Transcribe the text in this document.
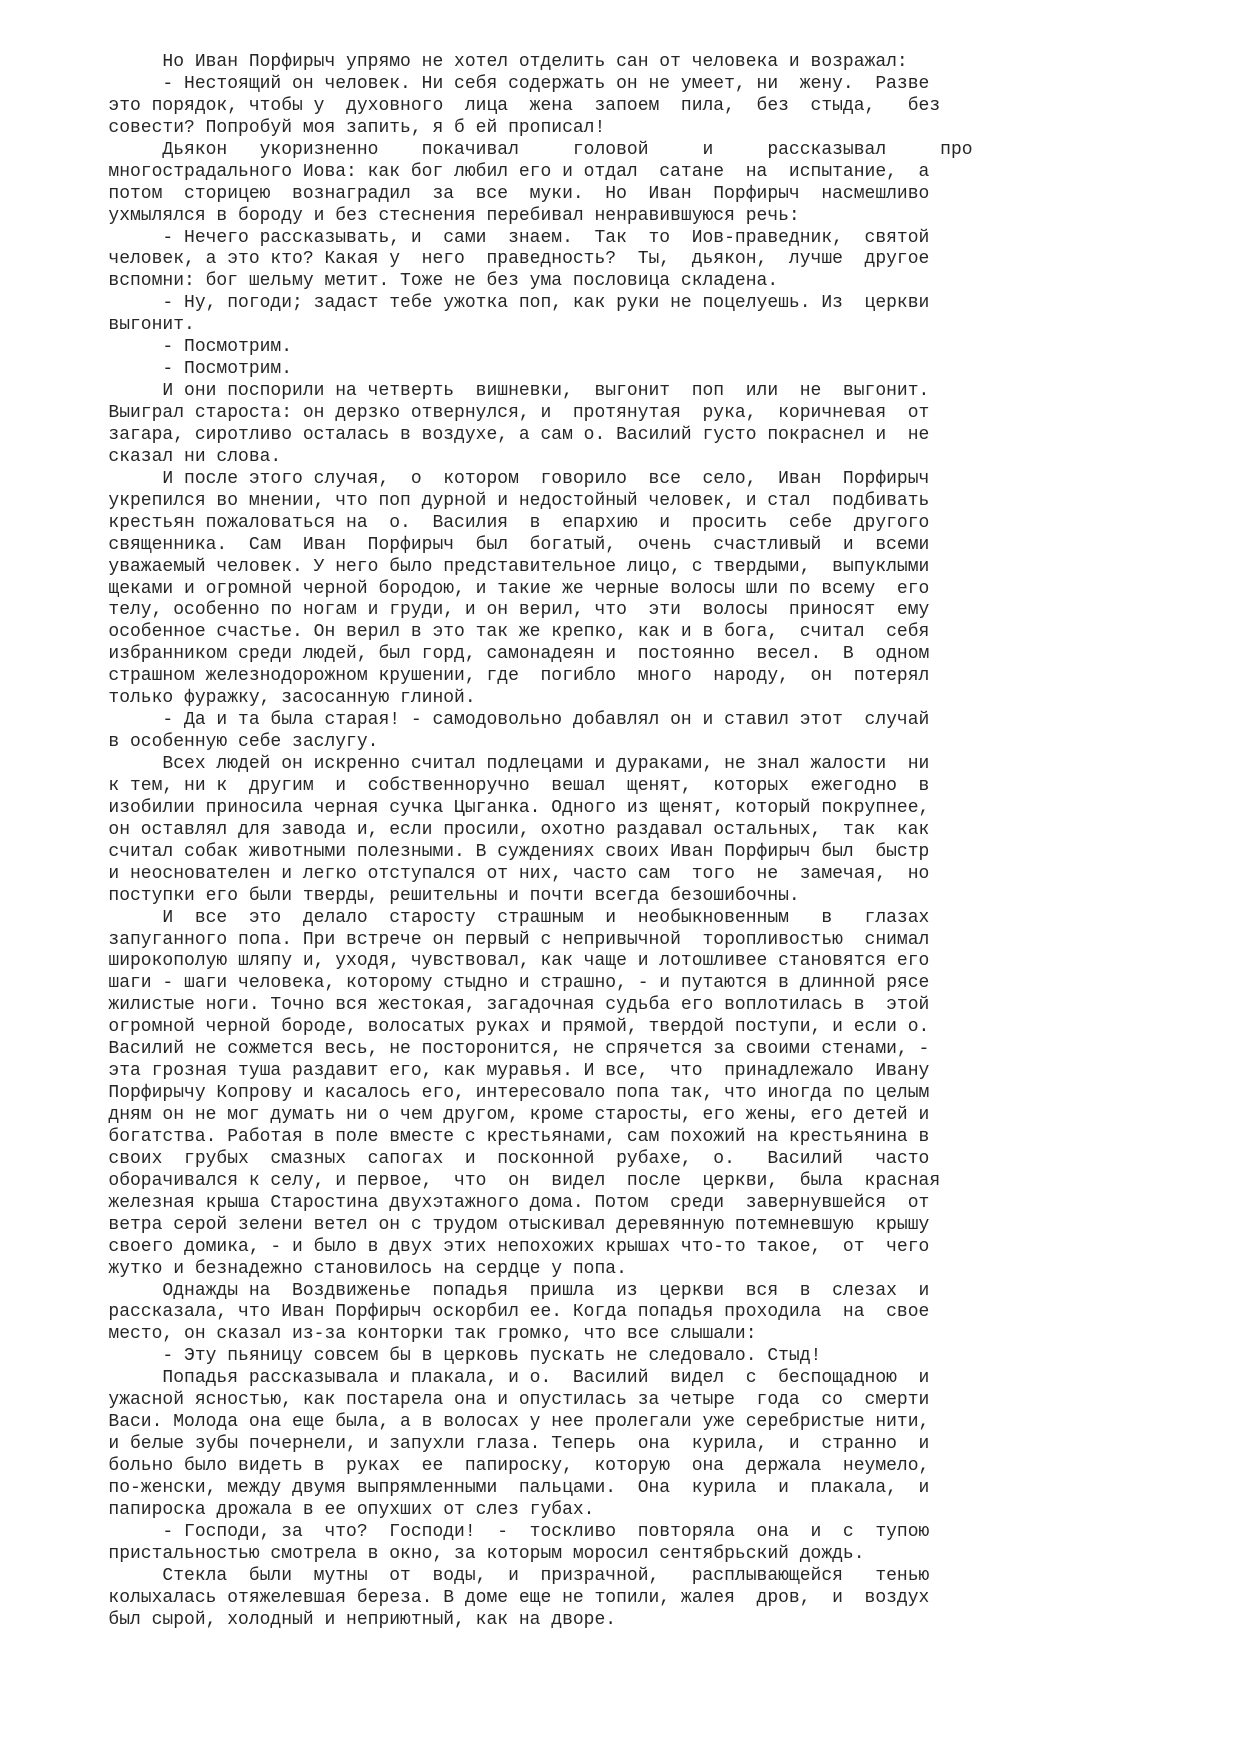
Но Иван Порфирыч упрямо не хотел отделить сан от человека и возражал:
- Нестоящий он человек. Ни себя содержать он не умеет, ни  жену.  Разве
это порядок, чтобы у  духовного  лица  жена  запоем  пила,  без  стыда,   без
совести? Попробуй моя запить, я б ей прописал!
Дьякон   укоризненно    покачивал     головой     и     рассказывал     про
многострадального Иова: как бог любил его и отдал  сатане  на  испытание,  а
потом  сторицею  вознаградил  за  все  муки.  Но  Иван  Порфирыч  насмешливо
ухмылялся в бороду и без стеснения перебивал ненравившуюся речь:
- Нечего рассказывать, и  сами  знаем.  Так  то  Иов-праведник,  святой
человек, а это кто? Какая у  него  праведность?  Ты,  дьякон,  лучше  другое
вспомни: бог шельму метит. Тоже не без ума пословица складена.
- Ну, погоди; задаст тебе ужотка поп, как руки не поцелуешь. Из  церкви
выгонит.
- Посмотрим.
- Посмотрим.
И они поспорили на четверть  вишневки,  выгонит  поп  или  не  выгонит.
Выиграл староста: он дерзко отвернулся, и  протянутая  рука,  коричневая  от
загара, сиротливо осталась в воздухе, а сам о. Василий густо покраснел и  не
сказал ни слова.
И после этого случая,  о  котором  говорило  все  село,  Иван  Порфирыч
укрепился во мнении, что поп дурной и недостойный человек, и стал  подбивать
крестьян пожаловаться на  о.  Василия  в  епархию  и  просить  себе  другого
священника.  Сам  Иван  Порфирыч  был  богатый,  очень  счастливый  и  всеми
уважаемый человек. У него было представительное лицо, с твердыми,  выпуклыми
щеками и огромной черной бородою, и такие же черные волосы шли по всему  его
телу, особенно по ногам и груди, и он верил, что  эти  волосы  приносят  ему
особенное счастье. Он верил в это так же крепко, как и в бога,  считал  себя
избранником среди людей, был горд, самонадеян и  постоянно  весел.  В  одном
страшном железнодорожном крушении, где  погибло  много  народу,  он  потерял
только фуражку, засосанную глиной.
- Да и та была старая! - самодовольно добавлял он и ставил этот  случай
в особенную себе заслугу.
Всех людей он искренно считал подлецами и дураками, не знал жалости  ни
к тем, ни к  другим  и  собственноручно  вешал  щенят,  которых  ежегодно  в
изобилии приносила черная сучка Цыганка. Одного из щенят, который покрупнее,
он оставлял для завода и, если просили, охотно раздавал остальных,  так  как
считал собак животными полезными. В суждениях своих Иван Порфирыч был  быстр
и неоснователен и легко отступался от них, часто сам  того  не  замечая,  но
поступки его были тверды, решительны и почти всегда безошибочны.
И  все  это  делало  старосту  страшным  и  необыкновенным   в   глазах
запуганного попа. При встрече он первый с непривычной  торопливостью  снимал
широкополую шляпу и, уходя, чувствовал, как чаще и лотошливее становятся его
шаги - шаги человека, которому стыдно и страшно, - и путаются в длинной рясе
жилистые ноги. Точно вся жестокая, загадочная судьба его воплотилась в  этой
огромной черной бороде, волосатых руках и прямой, твердой поступи, и если о.
Василий не сожмется весь, не посторонится, не спрячется за своими стенами, -
эта грозная туша раздавит его, как муравья. И все,  что  принадлежало  Ивану
Порфирычу Копрову и касалось его, интересовало попа так, что иногда по целым
дням он не мог думать ни о чем другом, кроме старосты, его жены, его детей и
богатства. Работая в поле вместе с крестьянами, сам похожий на крестьянина в
своих  грубых  смазных  сапогах  и  посконной  рубахе,  о.   Василий   часто
оборачивался к селу, и первое,  что  он  видел  после  церкви,  была  красная
железная крыша Старостина двухэтажного дома. Потом  среди  завернувшейся  от
ветра серой зелени ветел он с трудом отыскивал деревянную потемневшую  крышу
своего домика, - и было в двух этих непохожих крышах что-то такое,  от  чего
жутко и безнадежно становилось на сердце у попа.
Однажды на  Воздвиженье  попадья  пришла  из  церкви  вся  в  слезах  и
рассказала, что Иван Порфирыч оскорбил ее. Когда попадья проходила  на  свое
место, он сказал из-за конторки так громко, что все слышали:
- Эту пьяницу совсем бы в церковь пускать не следовало. Стыд!
Попадья рассказывала и плакала, и о.  Василий  видел  с  беспощадною  и
ужасной ясностью, как постарела она и опустилась за четыре  года  со  смерти
Васи. Молода она еще была, а в волосах у нее пролегали уже серебристые нити,
и белые зубы почернели, и запухли глаза. Теперь  она  курила,  и  странно  и
больно было видеть в  руках  ее  папироску,  которую  она  держала  неумело,
по-женски, между двумя выпрямленными  пальцами.  Она  курила  и  плакала,  и
папироска дрожала в ее опухших от слез губах.
- Господи, за  что?  Господи!  -  тоскливо  повторяла  она  и  с  тупою
пристальностью смотрела в окно, за которым моросил сентябрьский дождь.
Стекла  были  мутны  от  воды,  и  призрачной,   расплывающейся   тенью
колыхалась отяжелевшая береза. В доме еще не топили, жалея  дров,  и  воздух
был сырой, холодный и неприютный, как на дворе.
